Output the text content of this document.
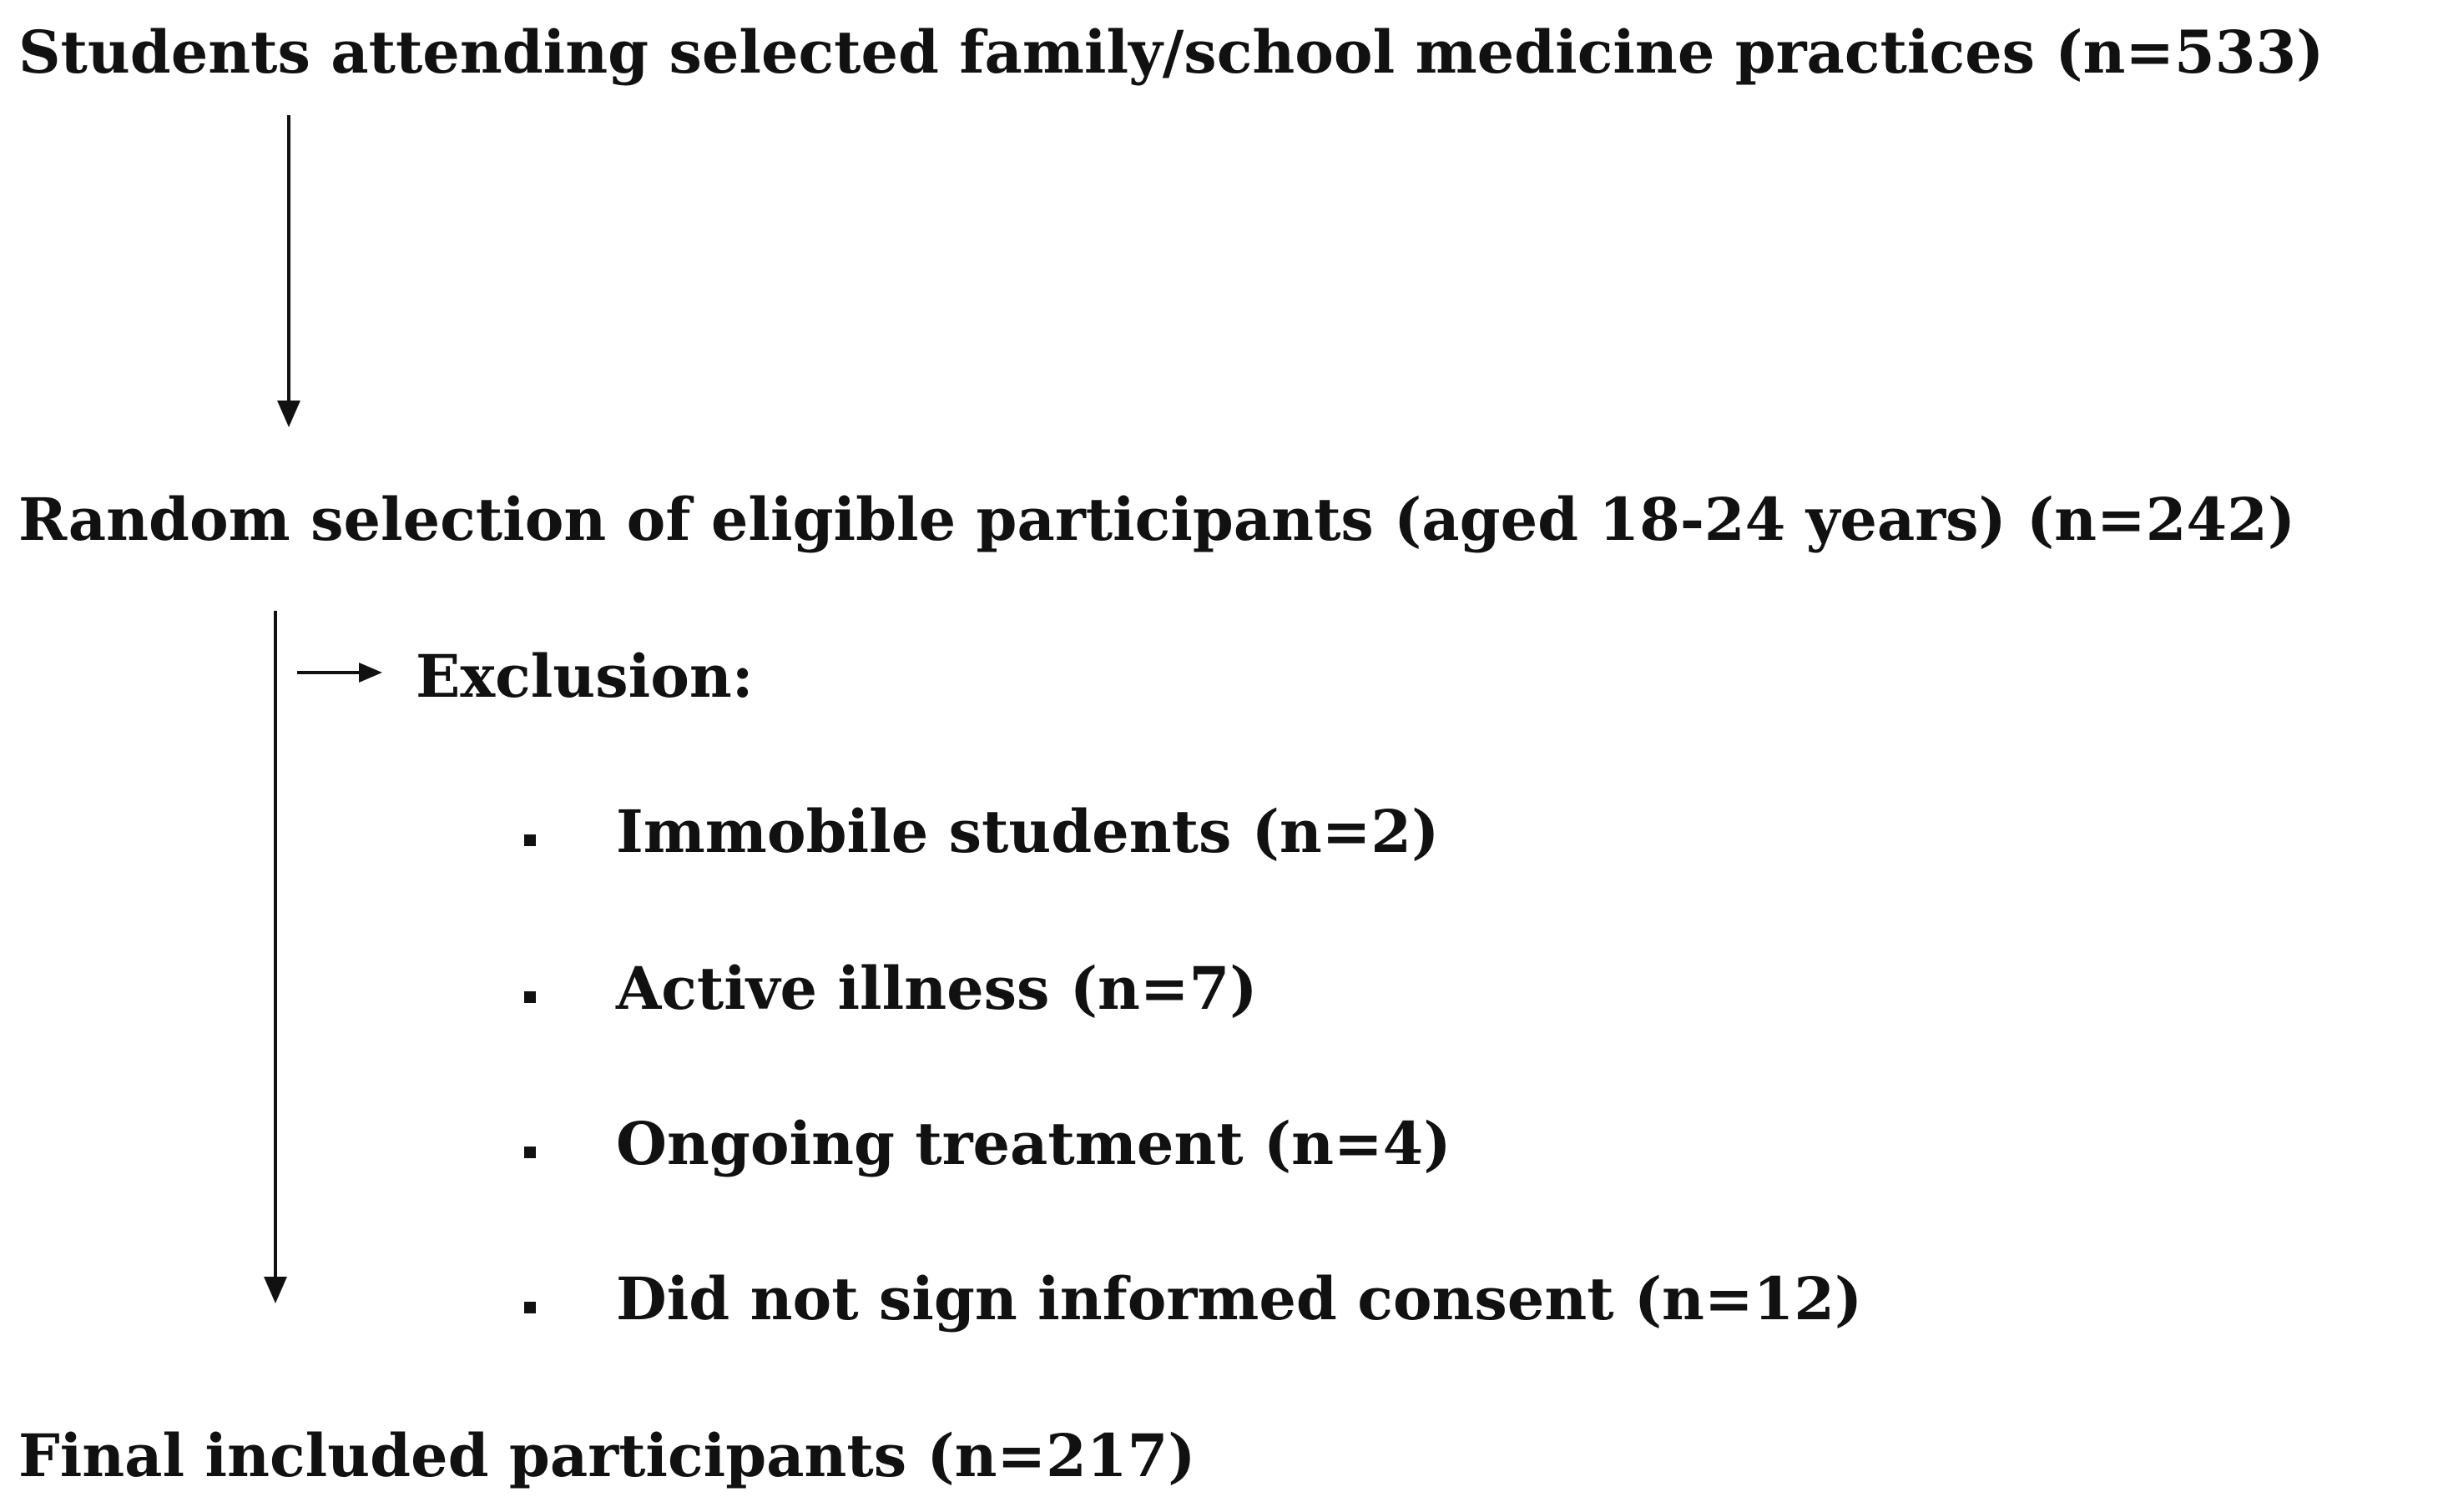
Students attending selected family/school medicine practices (n=533)
Random selection of eligible participants (aged 18-24 years) (n=242)
Exclusion:
Immobile students (n=2)
Active illness (n=7)
Ongoing treatment (n=4)
Did not sign informed consent (n=12)
Final included participants (n=217)
